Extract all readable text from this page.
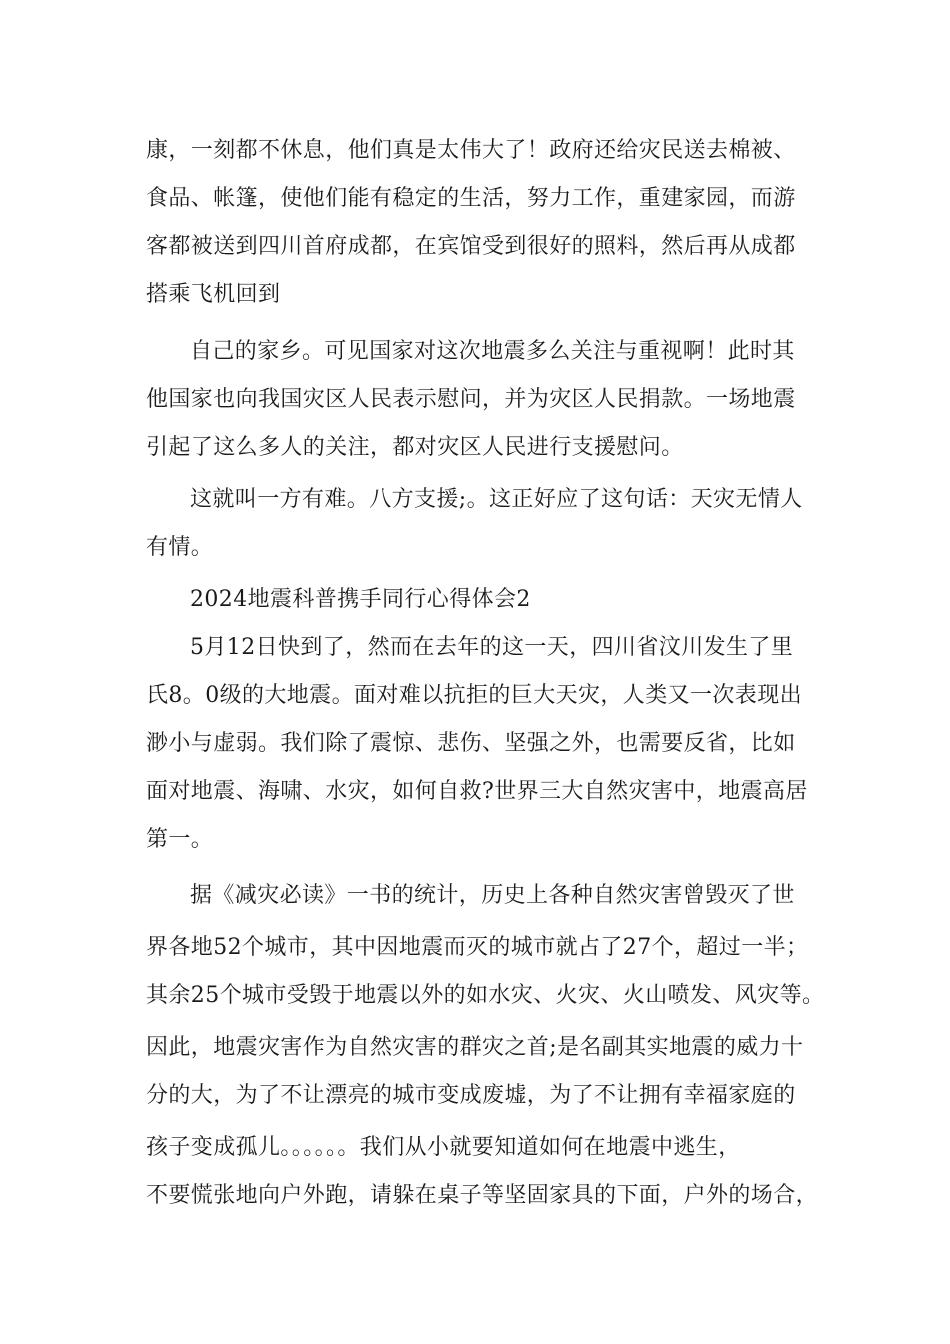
康，一刻都不休息，他们真是太伟大了！政府还给灾民送去棉被、
食品、帐篷，使他们能有稳定的生活，努力工作，重建家园，而游
客都被送到四川首府成都，在宾馆受到很好的照料，然后再从成都
搭乘飞机回到
自己的家乡。可见国家对这次地震多么关注与重视啊！此时其
他国家也向我国灾区人民表示慰问，并为灾区人民捐款。一场地震
引起了这么多人的关注，都对灾区人民进行支援慰问。
这就叫一方有难。八方支援;。这正好应了这句话：天灾无情人
有情。
2024地震科普携手同行心得体会2
5月12日快到了，然而在去年的这一天，四川省汶川发生了里
氏8。0级的大地震。面对难以抗拒的巨大天灾，人类又一次表现出
渺小与虚弱。我们除了震惊、悲伤、坚强之外，也需要反省，比如
面对地震、海啸、水灾，如何自救?世界三大自然灾害中，地震高居
第一。
据《减灾必读》一书的统计，历史上各种自然灾害曾毁灭了世
界各地52个城市，其中因地震而灭的城市就占了27个，超过一半；
其余25个城市受毁于地震以外的如水灾、火灾、火山喷发、风灾等。
因此，地震灾害作为自然灾害的群灾之首;是名副其实地震的威力十
分的大，为了不让漂亮的城市变成废墟，为了不让拥有幸福家庭的
孩子变成孤儿。。。。。。我们从小就要知道如何在地震中逃生，
不要慌张地向户外跑，请躲在桌子等坚固家具的下面，户外的场合，
